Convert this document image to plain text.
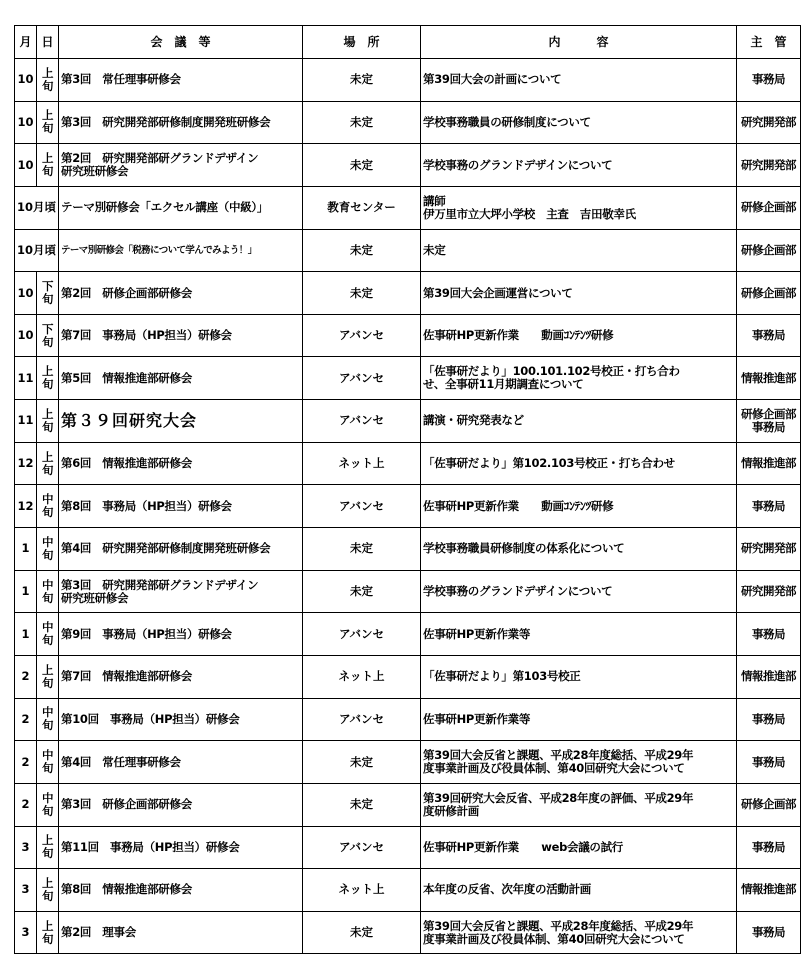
月	日	会　議　等	場　所	内　　　容	主　管
10	上旬	第3回　常任理事研修会	未定	第39回大会の計画について	事務局

10	上旬	第3回　研究開発部研修制度開発班研修会	未定	学校事務職員の研修制度について	研究開発部

10	上旬	第2回　研究開発部研グランドデザイン
研究班研修会	未定	学校事務のグランドデザインについて	研究開発部

10月頃		テーマ別研修会「エクセル講座（中級）」	教育センター	講師
伊万里市立大坪小学校　主査　吉田敬幸氏	研修企画部

10月頃		テーマ別研修会「税務について学んでみよう！」	未定	未定	研修企画部

10	下旬	第2回　研修企画部研修会	未定	第39回大会企画運営について	研修企画部

10	下旬	第7回　事務局（HP担当）研修会	アバンセ	佐事研HP更新作業　　動画ｺﾝﾃﾝﾂ研修	事務局

11	上旬	第5回　情報推進部研修会	アバンセ	「佐事研だより」100.101.102号校正・打ち合わ
せ、全事研11月期調査について	情報推進部

11	上旬	第３９回研究大会	アバンセ	講演・研究発表など	研修企画部
事務局

12	上旬	第6回　情報推進部研修会	ネット上	「佐事研だより」第102.103号校正・打ち合わせ	情報推進部

12	中旬	第8回　事務局（HP担当）研修会	アバンセ	佐事研HP更新作業　　動画ｺﾝﾃﾝﾂ研修	事務局

1	中旬	第4回　研究開発部研修制度開発班研修会	未定	学校事務職員研修制度の体系化について	研究開発部

1	中旬	第3回　研究開発部研グランドデザイン
研究班研修会	未定	学校事務のグランドデザインについて	研究開発部

1	中旬	第9回　事務局（HP担当）研修会	アバンセ	佐事研HP更新作業等	事務局

2	上旬	第7回　情報推進部研修会	ネット上	「佐事研だより」第103号校正	情報推進部

2	中旬	第10回　事務局（HP担当）研修会	アバンセ	佐事研HP更新作業等	事務局

2	中旬	第4回　常任理事研修会	未定	第39回大会反省と課題、平成28年度総括、平成29年
度事業計画及び役員体制、第40回研究大会について	事務局

2	中旬	第3回　研修企画部研修会	未定	第39回研究大会反省、平成28年度の評価、平成29年
度研修計画	研修企画部

3	上旬	第11回　事務局（HP担当）研修会	アバンセ	佐事研HP更新作業　　web会議の試行	事務局

3	上旬	第8回　情報推進部研修会	ネット上	本年度の反省、次年度の活動計画	情報推進部

3	上旬	第2回　理事会	未定	第39回大会反省と課題、平成28年度総括、平成29年
度事業計画及び役員体制、第40回研究大会について	事務局
